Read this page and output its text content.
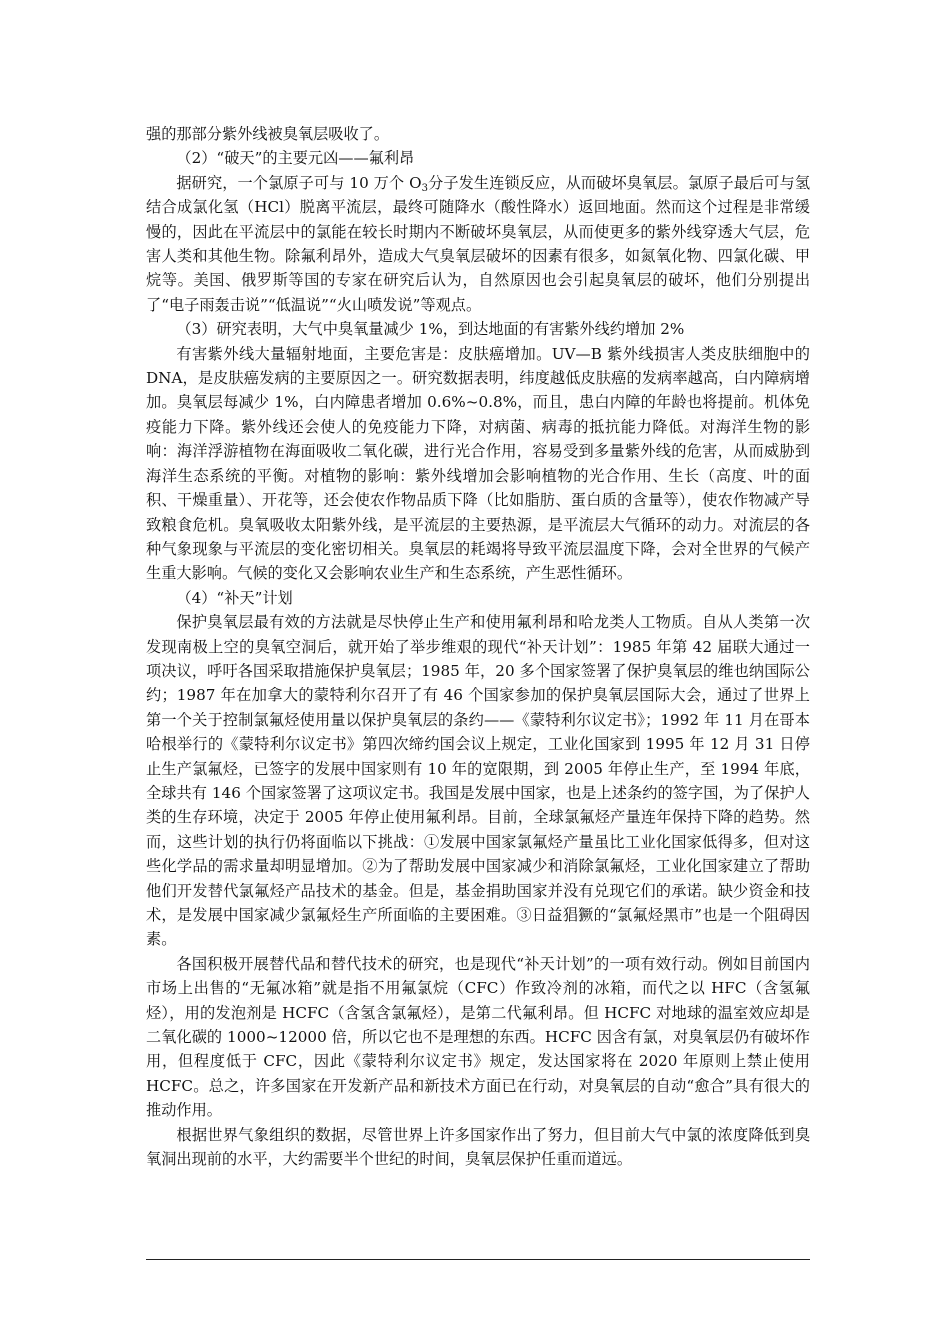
强的那部分紫外线被臭氧层吸收了。

（2）“破天”的主要元凶——氟利昂

据研究，一个氯原子可与 10 万个 $O_3$分子发生连锁反应，从而破坏臭氧层。氯原子最后可与氢结合成氯化氢（HCl）脱离平流层，最终可随降水（酸性降水）返回地面。然而这个过程是非常缓慢的，因此在平流层中的氯能在较长时期内不断破坏臭氧层，从而使更多的紫外线穿透大气层，危害人类和其他生物。除氟利昂外，造成大气臭氧层破坏的因素有很多，如氮氧化物、四氯化碳、甲烷等。美国、俄罗斯等国的专家在研究后认为，自然原因也会引起臭氧层的破坏，他们分别提出了“电子雨轰击说”“低温说”“火山喷发说”等观点。

（3）研究表明，大气中臭氧量减少 1%，到达地面的有害紫外线约增加 2%

有害紫外线大量辐射地面，主要危害是：皮肤癌增加。UV—B 紫外线损害人类皮肤细胞中的 DNA，是皮肤癌发病的主要原因之一。研究数据表明，纬度越低皮肤癌的发病率越高，白内障病增加。臭氧层每减少 1%，白内障患者增加 0.6%~0.8%，而且，患白内障的年龄也将提前。机体免疫能力下降。紫外线还会使人的免疫能力下降，对病菌、病毒的抵抗能力降低。对海洋生物的影响：海洋浮游植物在海面吸收二氧化碳，进行光合作用，容易受到多量紫外线的危害，从而威胁到海洋生态系统的平衡。对植物的影响：紫外线增加会影响植物的光合作用、生长（高度、叶的面积、干燥重量）、开花等，还会使农作物品质下降（比如脂肪、蛋白质的含量等），使农作物减产导致粮食危机。臭氧吸收太阳紫外线，是平流层的主要热源，是平流层大气循环的动力。对流层的各种气象现象与平流层的变化密切相关。臭氧层的耗竭将导致平流层温度下降，会对全世界的气候产生重大影响。气候的变化又会影响农业生产和生态系统，产生恶性循环。

（4）“补天”计划

保护臭氧层最有效的方法就是尽快停止生产和使用氟利昂和哈龙类人工物质。自从人类第一次发现南极上空的臭氧空洞后，就开始了举步维艰的现代“补天计划”：1985 年第 42 届联大通过一项决议，呼吁各国采取措施保护臭氧层；1985 年，20 多个国家签署了保护臭氧层的维也纳国际公约；1987 年在加拿大的蒙特利尔召开了有 46 个国家参加的保护臭氧层国际大会，通过了世界上第一个关于控制氯氟烃使用量以保护臭氧层的条约——《蒙特利尔议定书》；1992 年 11 月在哥本哈根举行的《蒙特利尔议定书》第四次缔约国会议上规定，工业化国家到 1995 年 12 月 31 日停止生产氯氟烃，已签字的发展中国家则有 10 年的宽限期，到 2005 年停止生产，至 1994 年底，全球共有 146 个国家签署了这项议定书。我国是发展中国家，也是上述条约的签字国，为了保护人类的生存环境，决定于 2005 年停止使用氟利昂。目前，全球氯氟烃产量连年保持下降的趋势。然而，这些计划的执行仍将面临以下挑战：①发展中国家氯氟烃产量虽比工业化国家低得多，但对这些化学品的需求量却明显增加。②为了帮助发展中国家减少和消除氯氟烃，工业化国家建立了帮助他们开发替代氯氟烃产品技术的基金。但是，基金捐助国家并没有兑现它们的承诺。缺少资金和技术，是发展中国家减少氯氟烃生产所面临的主要困难。③日益猖獗的“氯氟烃黑市”也是一个阻碍因素。

各国积极开展替代品和替代技术的研究，也是现代“补天计划”的一项有效行动。例如目前国内市场上出售的“无氟冰箱”就是指不用氟氯烷（CFC）作致冷剂的冰箱，而代之以 HFC（含氢氟烃），用的发泡剂是 HCFC（含氢含氯氟烃），是第二代氟利昂。但 HCFC 对地球的温室效应却是二氧化碳的 1000~12000 倍，所以它也不是理想的东西。HCFC 因含有氯，对臭氧层仍有破坏作用，但程度低于 CFC，因此《蒙特利尔议定书》规定，发达国家将在 2020 年原则上禁止使用 HCFC。总之，许多国家在开发新产品和新技术方面已在行动，对臭氧层的自动“愈合”具有很大的推动作用。

根据世界气象组织的数据，尽管世界上许多国家作出了努力，但目前大气中氯的浓度降低到臭氧洞出现前的水平，大约需要半个世纪的时间，臭氧层保护任重而道远。
